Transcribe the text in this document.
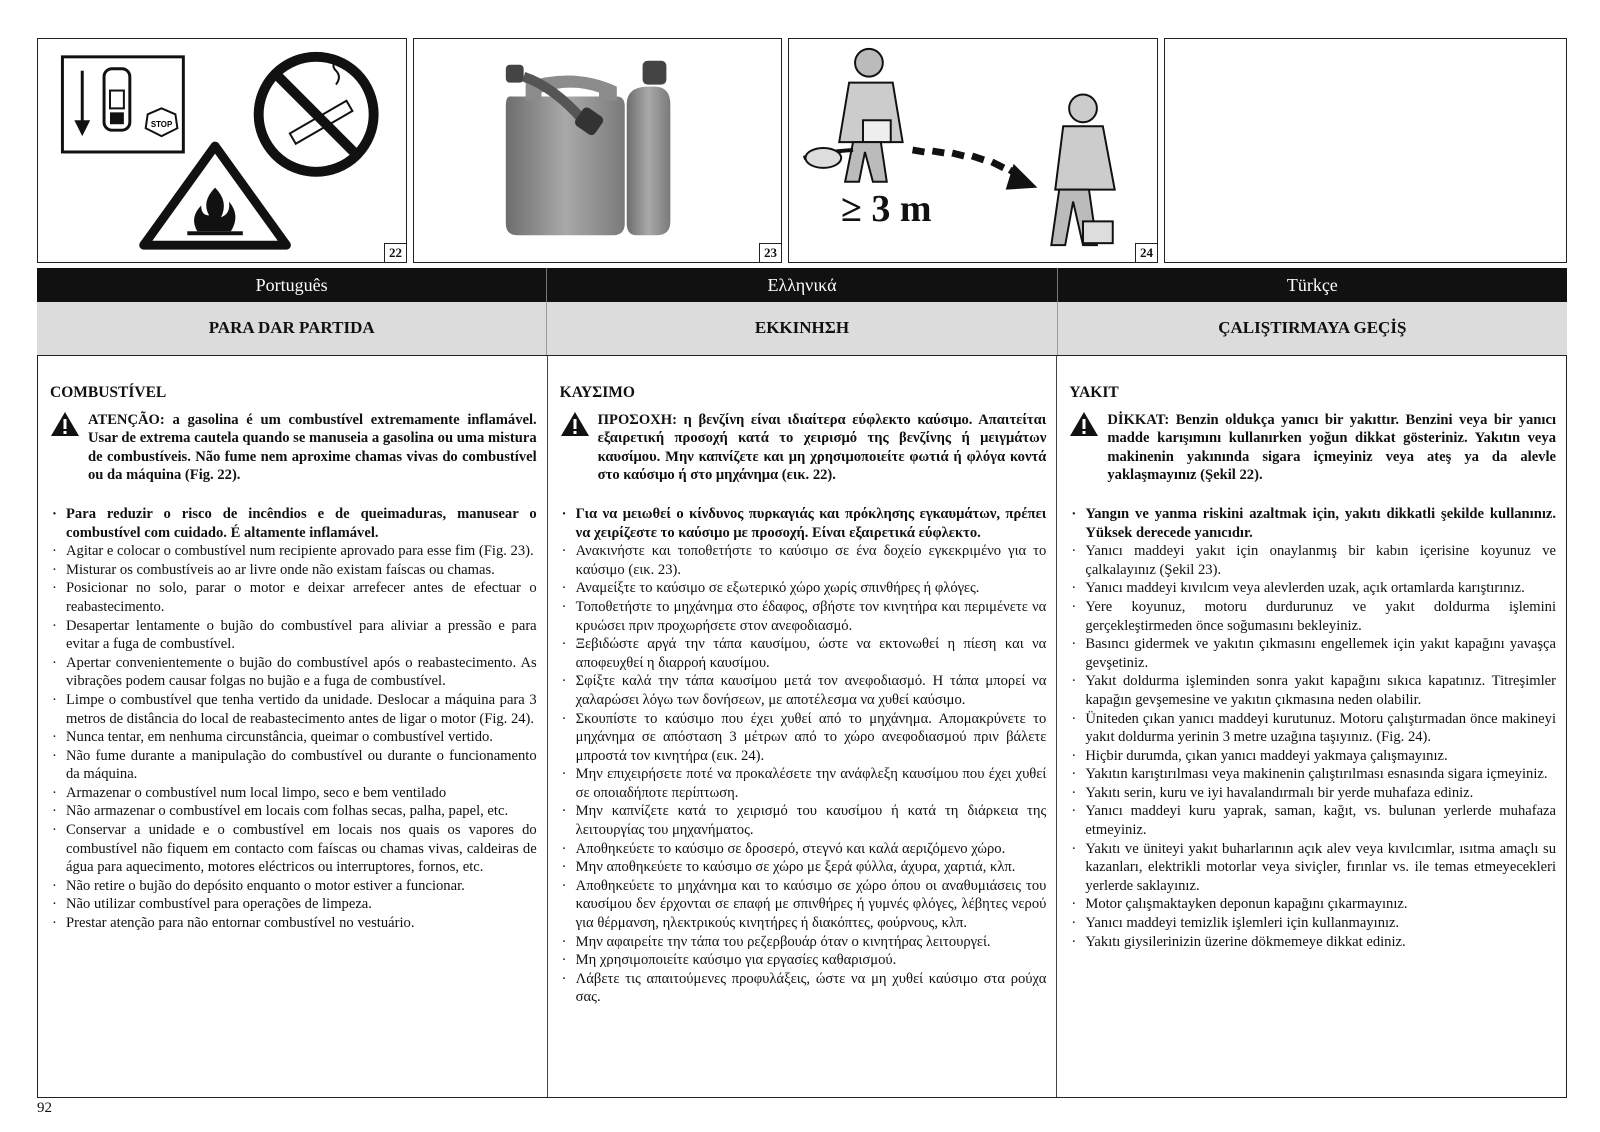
STOP
22	23
≥ 3 m
24
Português	Ελληνικά	Türkçe
PARA DAR PARTIDA	ΕΚΚΙΝΗΣΗ	ÇALIŞTIRMAYA GEÇİŞ
COMBUSTÍVEL
ATENÇÃO: a gasolina é um combustível extremamente inflamável. Usar de extrema cautela quando se manuseia a gasolina ou uma mistura de combustíveis. Não fume nem aproxime chamas vivas do combustível ou da máquina (Fig. 22).
· Para reduzir o risco de incêndios e de queimaduras, manusear o combustível com cuidado. É altamente inflamável.
· Agitar e colocar o combustível num recipiente aprovado para esse fim (Fig. 23).
· Misturar os combustíveis ao ar livre onde não existam faíscas ou chamas.
· Posicionar no solo, parar o motor e deixar arrefecer antes de efectuar o reabastecimento.
· Desapertar lentamente o bujão do combustível para aliviar a pressão e para evitar a fuga de combustível.
· Apertar convenientemente o bujão do combustível após o reabastecimento. As vibrações podem causar folgas no bujão e a fuga de combustível.
· Limpe o combustível que tenha vertido da unidade. Deslocar a máquina para 3 metros de distância do local de reabastecimento antes de ligar o motor (Fig. 24).
· Nunca tentar, em nenhuma circunstância, queimar o combustível vertido.
· Não fume durante a manipulação do combustível ou durante o funcionamento da máquina.
· Armazenar o combustível num local limpo, seco e bem ventilado
· Não armazenar o combustível em locais com folhas secas, palha, papel, etc.
· Conservar a unidade e o combustível em locais nos quais os vapores do combustível não fiquem em contacto com faíscas ou chamas vivas, caldeiras de água para aquecimento, motores eléctricos ou interruptores, fornos, etc.
· Não retire o bujão do depósito enquanto o motor estiver a funcionar.
· Não utilizar combustível para operações de limpeza.
· Prestar atenção para não entornar combustível no vestuário.
ΚΑΥΣΙΜΟ
ΠΡΟΣΟΧΗ: η βενζίνη είναι ιδιαίτερα εύφλεκτο καύσιμο. Απαιτείται εξαιρετική προσοχή κατά το χειρισμό της βενζίνης ή μειγμάτων καυσίμου. Μην καπνίζετε και μη χρησιμοποιείτε φωτιά ή φλόγα κοντά στο καύσιμο ή στο μηχάνημα (εικ. 22).
· Για να μειωθεί ο κίνδυνος πυρκαγιάς και πρόκλησης εγκαυμάτων, πρέπει να χειρίζεστε το καύσιμο με προσοχή. Είναι εξαιρετικά εύφλεκτο.
· Ανακινήστε και τοποθετήστε το καύσιμο σε ένα δοχείο εγκεκριμένο για το καύσιμο (εικ. 23).
· Αναμείξτε το καύσιμο σε εξωτερικό χώρο χωρίς σπινθήρες ή φλόγες.
· Τοποθετήστε το μηχάνημα στο έδαφος, σβήστε τον κινητήρα και περιμένετε να κρυώσει πριν προχωρήσετε στον ανεφοδιασμό.
· Ξεβιδώστε αργά την τάπα καυσίμου, ώστε να εκτονωθεί η πίεση και να αποφευχθεί η διαρροή καυσίμου.
· Σφίξτε καλά την τάπα καυσίμου μετά τον ανεφοδιασμό. Η τάπα μπορεί να χαλαρώσει λόγω των δονήσεων, με αποτέλεσμα να χυθεί καύσιμο.
· Σκουπίστε το καύσιμο που έχει χυθεί από το μηχάνημα. Απομακρύνετε το μηχάνημα σε απόσταση 3 μέτρων από το χώρο ανεφοδιασμού πριν βάλετε μπροστά τον κινητήρα (εικ. 24).
· Μην επιχειρήσετε ποτέ να προκαλέσετε την ανάφλεξη καυσίμου που έχει χυθεί σε οποιαδήποτε περίπτωση.
· Μην καπνίζετε κατά το χειρισμό του καυσίμου ή κατά τη διάρκεια της λειτουργίας του μηχανήματος.
· Αποθηκεύετε το καύσιμο σε δροσερό, στεγνό και καλά αεριζόμενο χώρο.
· Μην αποθηκεύετε το καύσιμο σε χώρο με ξερά φύλλα, άχυρα, χαρτιά, κλπ.
· Αποθηκεύετε το μηχάνημα και το καύσιμο σε χώρο όπου οι αναθυμιάσεις του καυσίμου δεν έρχονται σε επαφή με σπινθήρες ή γυμνές φλόγες, λέβητες νερού για θέρμανση, ηλεκτρικούς κινητήρες ή διακόπτες, φούρνους, κλπ.
· Μην αφαιρείτε την τάπα του ρεζερβουάρ όταν ο κινητήρας λειτουργεί.
· Μη χρησιμοποιείτε καύσιμο για εργασίες καθαρισμού.
· Λάβετε τις απαιτούμενες προφυλάξεις, ώστε να μη χυθεί καύσιμο στα ρούχα σας.
YAKIT
DİKKAT: Benzin oldukça yanıcı bir yakıttır. Benzini veya bir yanıcı madde karışımını kullanırken yoğun dikkat gösteriniz. Yakıtın veya makinenin yakınında sigara içmeyiniz veya ateş ya da alevle yaklaşmayınız (Şekil 22).
· Yangın ve yanma riskini azaltmak için, yakıtı dikkatli şekilde kullanınız. Yüksek derecede yanıcıdır.
· Yanıcı maddeyi yakıt için onaylanmış bir kabın içerisine koyunuz ve çalkalayınız (Şekil 23).
· Yanıcı maddeyi kıvılcım veya alevlerden uzak, açık ortamlarda karıştırınız.
· Yere koyunuz, motoru durdurunuz ve yakıt doldurma işlemini gerçekleştirmeden önce soğumasını bekleyiniz.
· Basıncı gidermek ve yakıtın çıkmasını engellemek için yakıt kapağını yavaşça gevşetiniz.
· Yakıt doldurma işleminden sonra yakıt kapağını sıkıca kapatınız. Titreşimler kapağın gevşemesine ve yakıtın çıkmasına neden olabilir.
· Üniteden çıkan yanıcı maddeyi kurutunuz. Motoru çalıştırmadan önce makineyi yakıt doldurma yerinin 3 metre uzağına taşıyınız. (Fig. 24).
· Hiçbir durumda, çıkan yanıcı maddeyi yakmaya çalışmayınız.
· Yakıtın karıştırılması veya makinenin çalıştırılması esnasında sigara içmeyiniz.
· Yakıtı serin, kuru ve iyi havalandırmalı bir yerde muhafaza ediniz.
· Yanıcı maddeyi kuru yaprak, saman, kağıt, vs. bulunan yerlerde muhafaza etmeyiniz.
· Yakıtı ve üniteyi yakıt buharlarının açık alev veya kıvılcımlar, ısıtma amaçlı su kazanları, elektrikli motorlar veya siviçler, fırınlar vs. ile temas etmeyecekleri yerlerde saklayınız.
· Motor çalışmaktayken deponun kapağını çıkarmayınız.
· Yanıcı maddeyi temizlik işlemleri için kullanmayınız.
· Yakıtı giysilerinizin üzerine dökmemeye dikkat ediniz.
92
